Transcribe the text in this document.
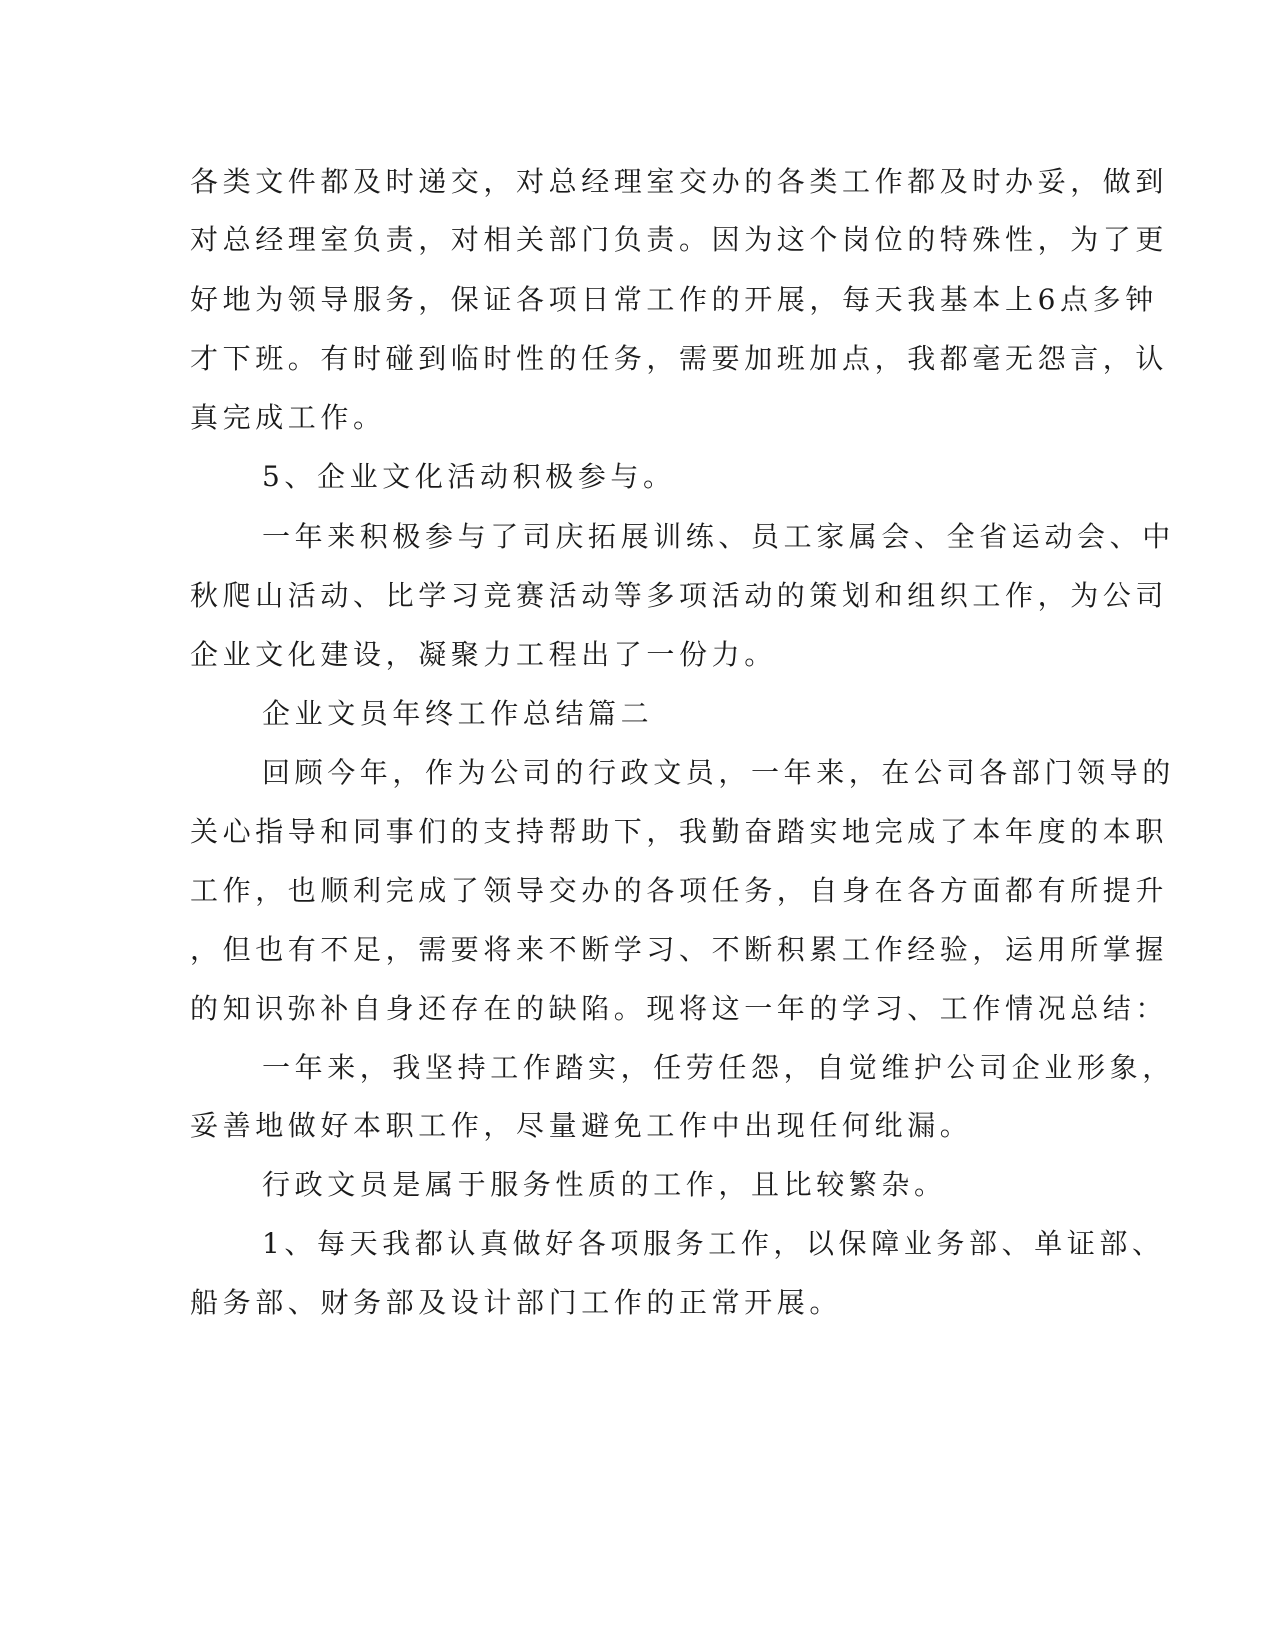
各类文件都及时递交，对总经理室交办的各类工作都及时办妥，做到
对总经理室负责，对相关部门负责。因为这个岗位的特殊性，为了更
好地为领导服务，保证各项日常工作的开展，每天我基本上6点多钟
才下班。有时碰到临时性的任务，需要加班加点，我都毫无怨言，认
真完成工作。
5、企业文化活动积极参与。
一年来积极参与了司庆拓展训练、员工家属会、全省运动会、中
秋爬山活动、比学习竞赛活动等多项活动的策划和组织工作，为公司
企业文化建设，凝聚力工程出了一份力。
企业文员年终工作总结篇二
回顾今年，作为公司的行政文员，一年来，在公司各部门领导的
关心指导和同事们的支持帮助下，我勤奋踏实地完成了本年度的本职
工作，也顺利完成了领导交办的各项任务，自身在各方面都有所提升
，但也有不足，需要将来不断学习、不断积累工作经验，运用所掌握
的知识弥补自身还存在的缺陷。现将这一年的学习、工作情况总结：
一年来，我坚持工作踏实，任劳任怨，自觉维护公司企业形象，
妥善地做好本职工作，尽量避免工作中出现任何纰漏。
行政文员是属于服务性质的工作，且比较繁杂。
1、每天我都认真做好各项服务工作，以保障业务部、单证部、
船务部、财务部及设计部门工作的正常开展。
